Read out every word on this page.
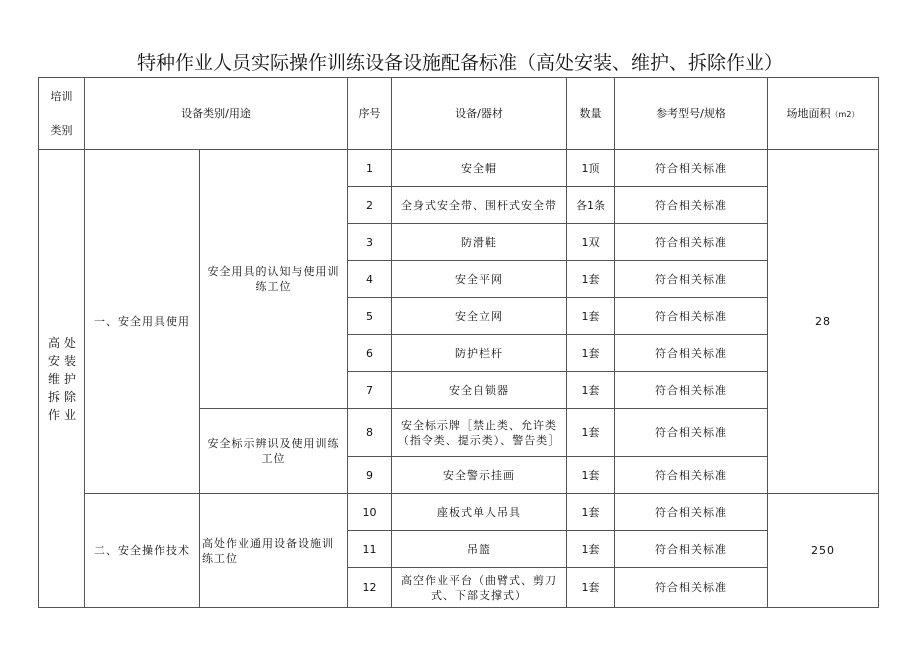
特种作业人员实际操作训练设备设施配备标准（高处安装、维护、拆除作业）
培训
类别	设备类别/用途		序号	设备/器材	数量	参考型号/规格	场地面积（m2）
高处安装维护拆除作业	一、安全用具使用	安全用具的认知与使用训练工位	1	安全帽	1顶	符合相关标准	28
			2	全身式安全带、围杆式安全带	各1条	符合相关标准	
			3	防滑鞋	1双	符合相关标准	
			4	安全平网	1套	符合相关标准	
			5	安全立网	1套	符合相关标准	
			6	防护栏杆	1套	符合相关标准	
			7	安全自锁器	1套	符合相关标准	
		安全标示辨识及使用训练工位	8	安全标示牌［禁止类、允许类（指令类、提示类）、警告类］	1套	符合相关标准	
			9	安全警示挂画	1套	符合相关标准	
	二、安全操作技术	高处作业通用设备设施训练工位	10	座板式单人吊具	1套	符合相关标准	250
			11	吊篮	1套	符合相关标准	
			12	高空作业平台（曲臂式、剪刀式、下部支撑式）	1套	符合相关标准	
